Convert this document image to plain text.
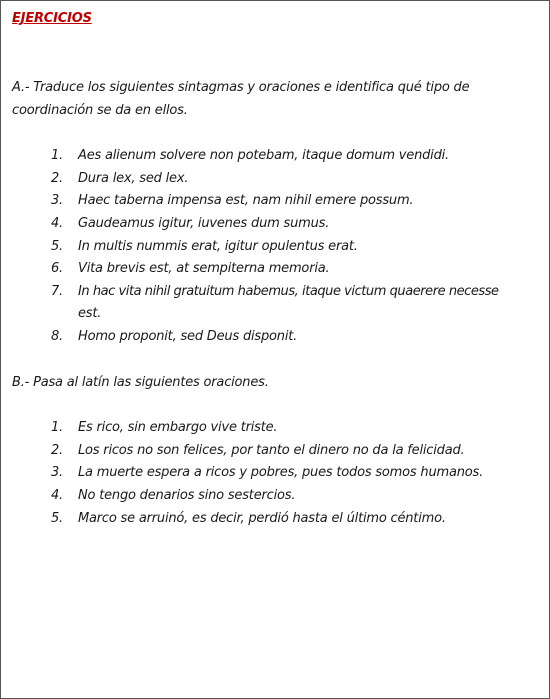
EJERCICIOS
A.- Traduce los siguientes sintagmas y oraciones e identifica qué tipo de
coordinación se da en ellos.
1. Aes alienum solvere non potebam, itaque domum vendidi.
2. Dura lex, sed lex.
3. Haec taberna impensa est, nam nihil emere possum.
4. Gaudeamus igitur, iuvenes dum sumus.
5. In multis nummis erat, igitur opulentus erat.
6. Vita brevis est, at sempiterna memoria.
7. In hac vita nihil gratuitum habemus, itaque victum quaerere necesse
est.
8. Homo proponit, sed Deus disponit.
B.- Pasa al latín las siguientes oraciones.
1. Es rico, sin embargo vive triste.
2. Los ricos no son felices, por tanto el dinero no da la felicidad.
3. La muerte espera a ricos y pobres, pues todos somos humanos.
4. No tengo denarios sino sestercios.
5. Marco se arruinó, es decir, perdió hasta el último céntimo.
